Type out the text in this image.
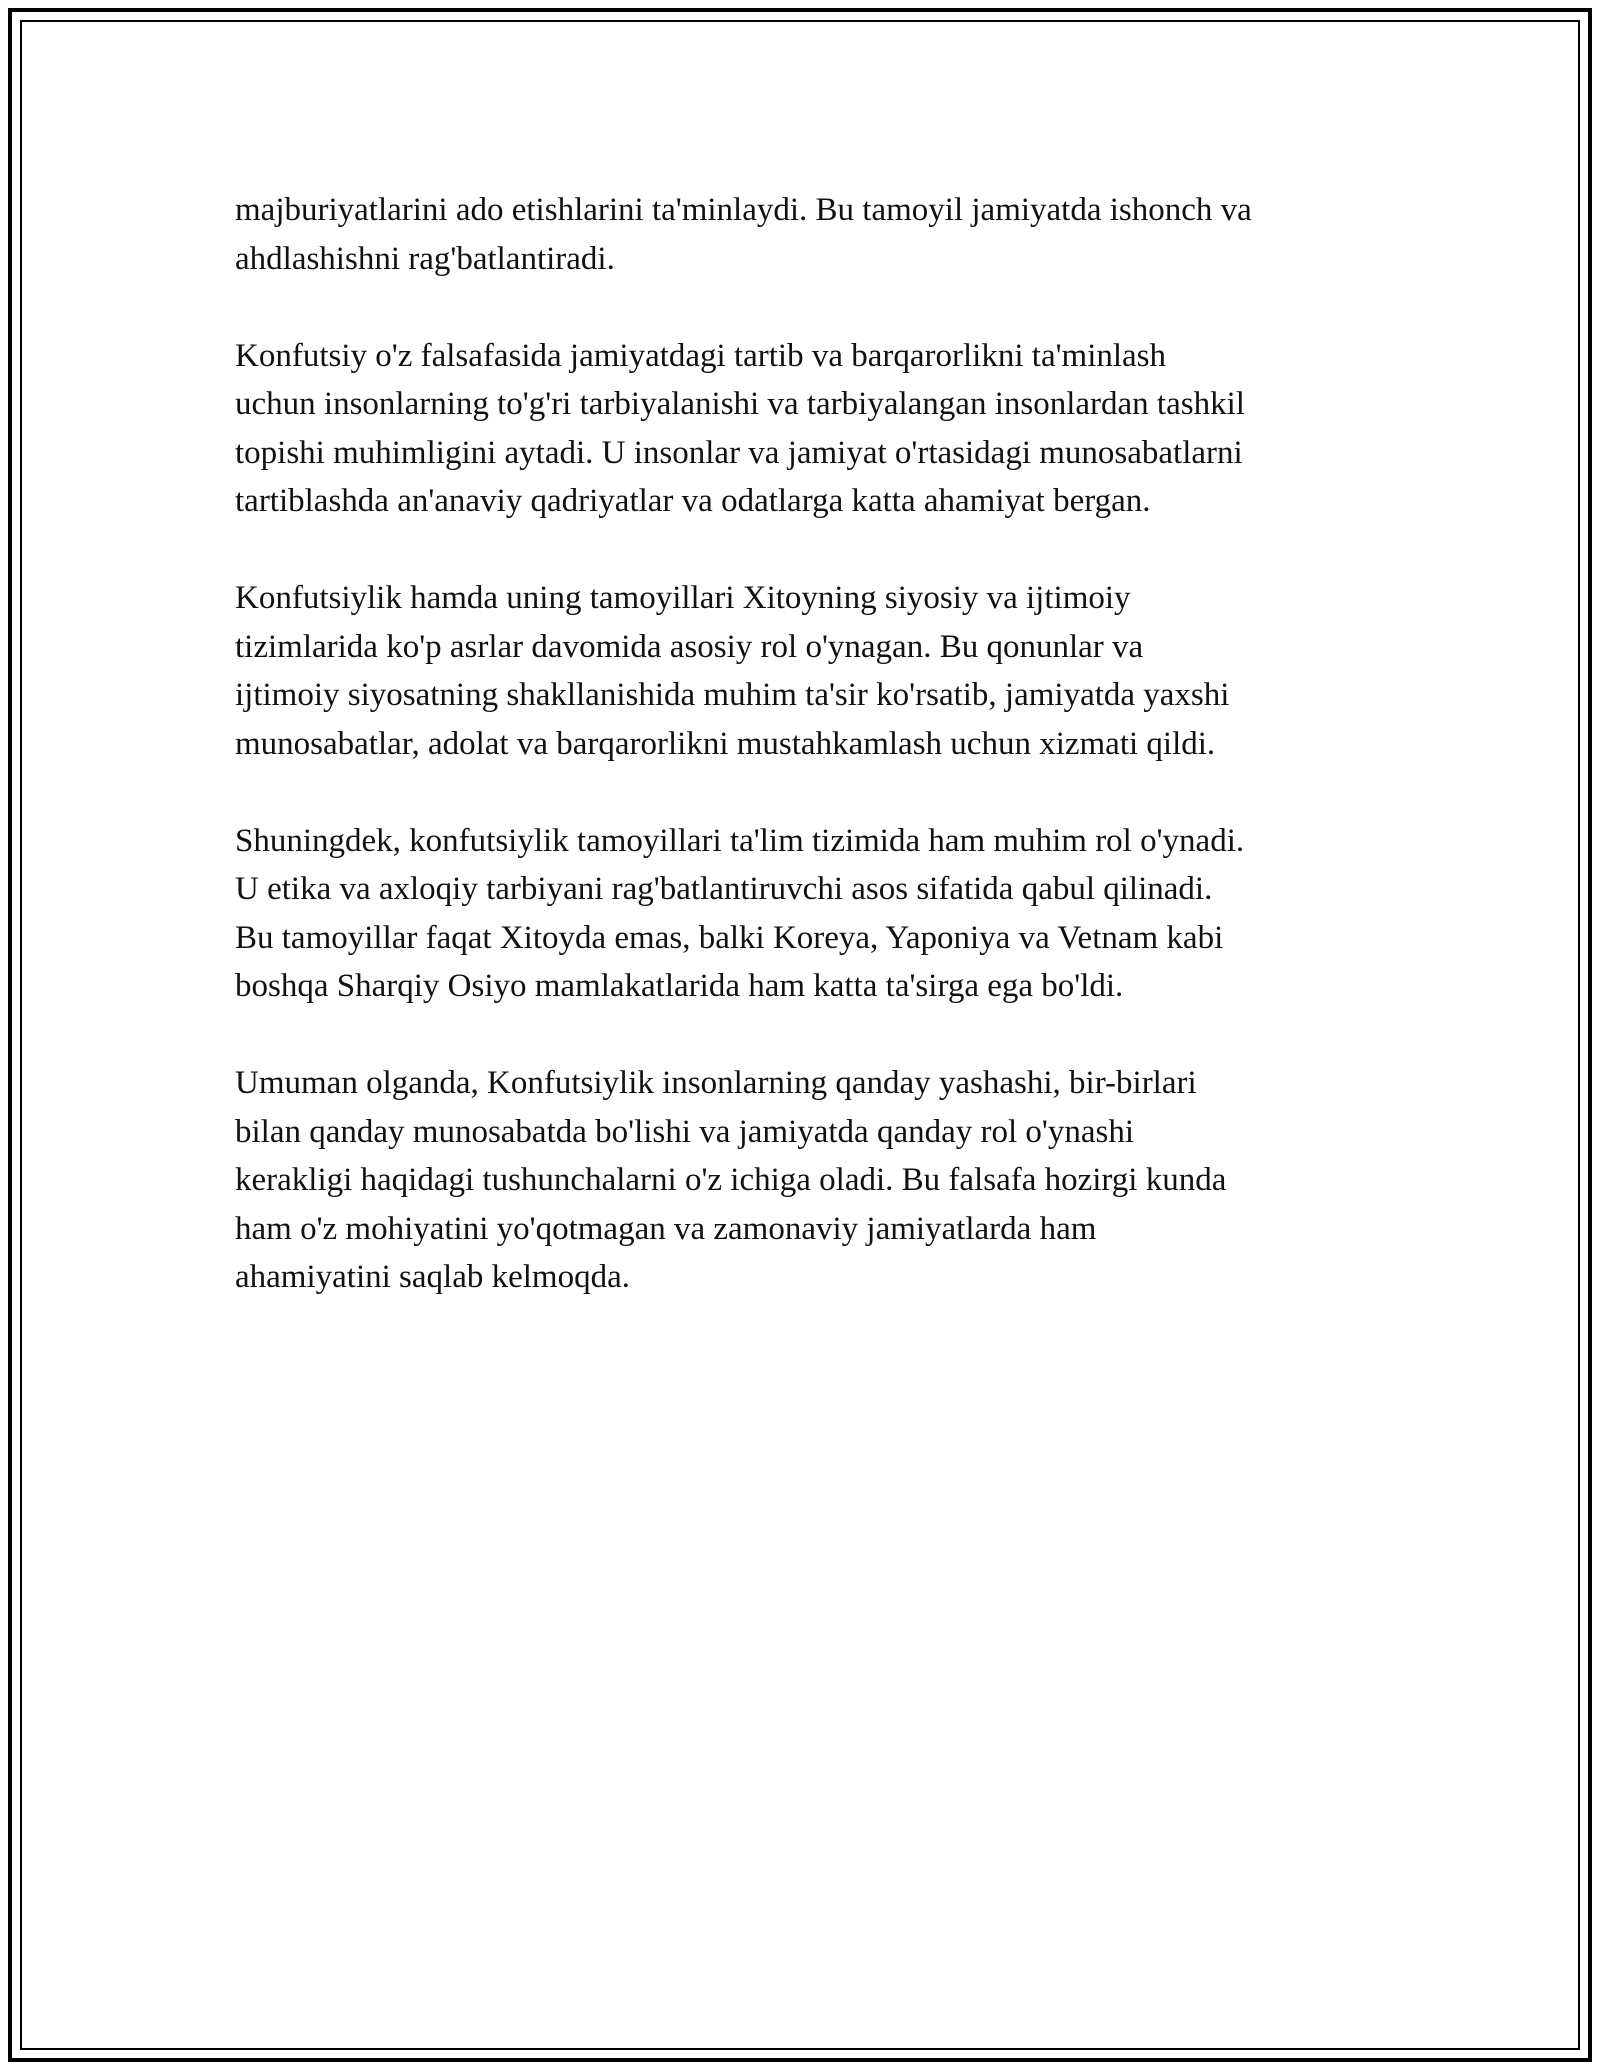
majburiyatlarini ado etishlarini ta'minlaydi. Bu tamoyil jamiyatda ishonch va
ahdlashishni rag'batlantiradi.

Konfutsiy o'z falsafasida jamiyatdagi tartib va barqarorlikni ta'minlash
uchun insonlarning to'g'ri tarbiyalanishi va tarbiyalangan insonlardan tashkil
topishi muhimligini aytadi. U insonlar va jamiyat o'rtasidagi munosabatlarni
tartiblashda an'anaviy qadriyatlar va odatlarga katta ahamiyat bergan.

Konfutsiylik hamda uning tamoyillari Xitoyning siyosiy va ijtimoiy
tizimlarida ko'p asrlar davomida asosiy rol o'ynagan. Bu qonunlar va
ijtimoiy siyosatning shakllanishida muhim ta'sir ko'rsatib, jamiyatda yaxshi
munosabatlar, adolat va barqarorlikni mustahkamlash uchun xizmati qildi.

Shuningdek, konfutsiylik tamoyillari ta'lim tizimida ham muhim rol o'ynadi.
U etika va axloqiy tarbiyani rag'batlantiruvchi asos sifatida qabul qilinadi.
Bu tamoyillar faqat Xitoyda emas, balki Koreya, Yaponiya va Vetnam kabi
boshqa Sharqiy Osiyo mamlakatlarida ham katta ta'sirga ega bo'ldi.

Umuman olganda, Konfutsiylik insonlarning qanday yashashi, bir-birlari
bilan qanday munosabatda bo'lishi va jamiyatda qanday rol o'ynashi
kerakligi haqidagi tushunchalarni o'z ichiga oladi. Bu falsafa hozirgi kunda
ham o'z mohiyatini yo'qotmagan va zamonaviy jamiyatlarda ham
ahamiyatini saqlab kelmoqda.
